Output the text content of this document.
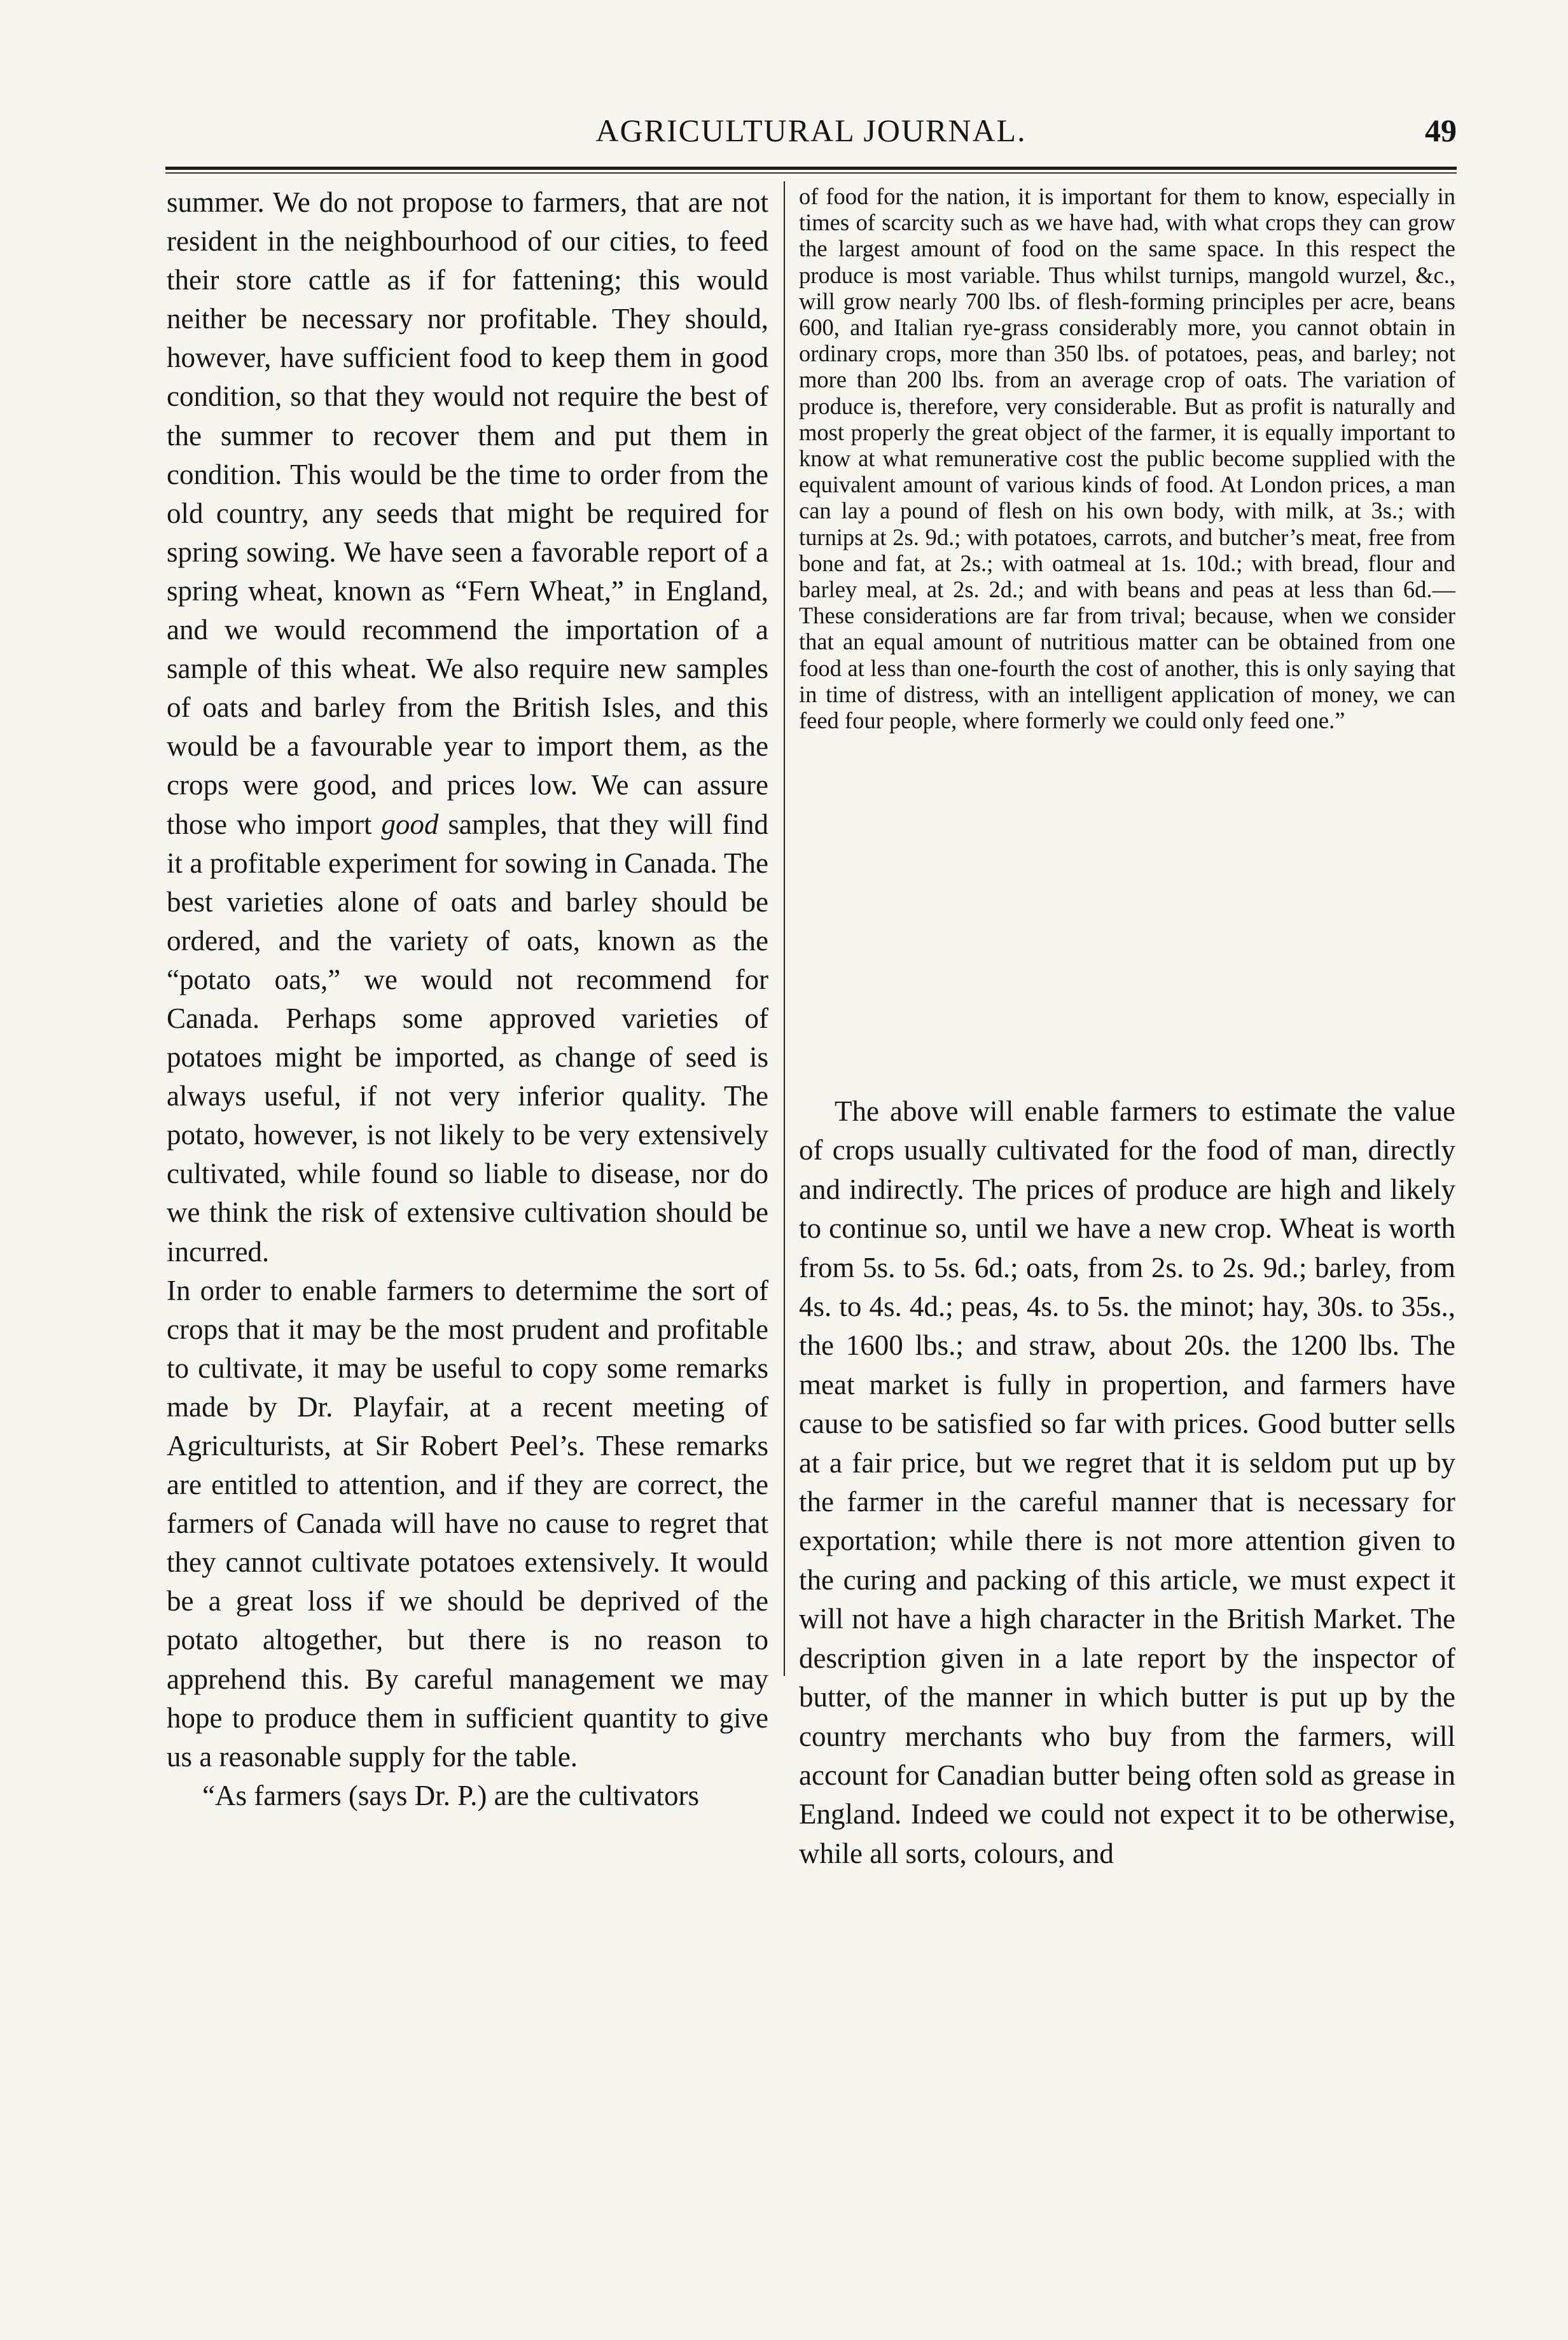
AGRICULTURAL JOURNAL.	49

summer. We do not propose to farmers, that are not resident in the neighbourhood of our cities, to feed their store cattle as if for fattening; this would neither be necessary nor profitable. They should, however, have sufficient food to keep them in good condition, so that they would not require the best of the summer to recover them and put them in condition. This would be the time to order from the old country, any seeds that might be required for spring sowing. We have seen a favorable report of a spring wheat, known as “Fern Wheat,” in England, and we would recommend the importation of a sample of this wheat. We also require new samples of oats and barley from the British Isles, and this would be a favourable year to import them, as the crops were good, and prices low. We can assure those who import good samples, that they will find it a profitable experiment for sowing in Canada. The best varieties alone of oats and barley should be ordered, and the variety of oats, known as the “potato oats,” we would not recommend for Canada. Perhaps some approved varieties of potatoes might be imported, as change of seed is always useful, if not very inferior quality. The potato, however, is not likely to be very extensively cultivated, while found so liable to disease, nor do we think the risk of extensive cultivation should be incurred.

In order to enable farmers to determime the sort of crops that it may be the most prudent and profitable to cultivate, it may be useful to copy some remarks made by Dr. Playfair, at a recent meeting of Agriculturists, at Sir Robert Peel’s. These remarks are entitled to attention, and if they are correct, the farmers of Canada will have no cause to regret that they cannot cultivate potatoes extensively. It would be a great loss if we should be deprived of the potato altogether, but there is no reason to apprehend this. By careful management we may hope to produce them in sufficient quantity to give us a reasonable supply for the table.

“As farmers (says Dr. P.) are the cultivators

of food for the nation, it is important for them to know, especially in times of scarcity such as we have had, with what crops they can grow the largest amount of food on the same space. In this respect the produce is most variable. Thus whilst turnips, mangold wurzel, &c., will grow nearly 700 lbs. of flesh-forming principles per acre, beans 600, and Italian rye-grass considerably more, you cannot obtain in ordinary crops, more than 350 lbs. of potatoes, peas, and barley; not more than 200 lbs. from an average crop of oats. The variation of produce is, therefore, very considerable. But as profit is naturally and most properly the great object of the farmer, it is equally important to know at what remunerative cost the public become supplied with the equivalent amount of various kinds of food. At London prices, a man can lay a pound of flesh on his own body, with milk, at 3s.; with turnips at 2s. 9d.; with potatoes, carrots, and butcher’s meat, free from bone and fat, at 2s.; with oatmeal at 1s. 10d.; with bread, flour and barley meal, at 2s. 2d.; and with beans and peas at less than 6d.—These considerations are far from trival; because, when we consider that an equal amount of nutritious matter can be obtained from one food at less than one-fourth the cost of another, this is only saying that in time of distress, with an intelligent application of money, we can feed four people, where formerly we could only feed one.”

The above will enable farmers to estimate the value of crops usually cultivated for the food of man, directly and indirectly. The prices of produce are high and likely to continue so, until we have a new crop. Wheat is worth from 5s. to 5s. 6d.; oats, from 2s. to 2s. 9d.; barley, from 4s. to 4s. 4d.; peas, 4s. to 5s. the minot; hay, 30s. to 35s., the 1600 lbs.; and straw, about 20s. the 1200 lbs. The meat market is fully in propertion, and farmers have cause to be satisfied so far with prices. Good butter sells at a fair price, but we regret that it is seldom put up by the farmer in the careful manner that is necessary for exportation; while there is not more attention given to the curing and packing of this article, we must expect it will not have a high character in the British Market. The description given in a late report by the inspector of butter, of the manner in which butter is put up by the country merchants who buy from the farmers, will account for Canadian butter being often sold as grease in England. Indeed we could not expect it to be otherwise, while all sorts, colours, and
